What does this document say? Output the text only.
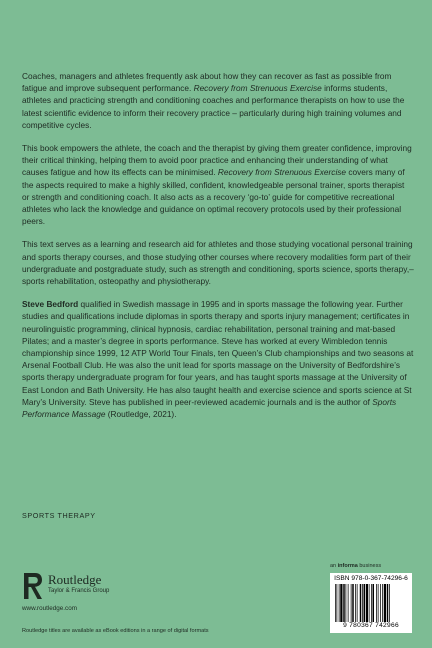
Coaches, managers and athletes frequently ask about how they can recover as fast as possible from fatigue and improve subsequent performance. Recovery from Strenuous Exercise informs students, athletes and practicing strength and conditioning coaches and performance therapists on how to use the latest scientific evidence to inform their recovery practice – particularly during high training volumes and competitive cycles.

This book empowers the athlete, the coach and the therapist by giving them greater confidence, improving their critical thinking, helping them to avoid poor practice and enhancing their understanding of what causes fatigue and how its effects can be minimised. Recovery from Strenuous Exercise covers many of the aspects required to make a highly skilled, confident, knowledgeable personal trainer, sports therapist or strength and conditioning coach. It also acts as a recovery ‘go-to’ guide for competitive recreational athletes who lack the knowledge and guidance on optimal recovery protocols used by their professional peers.

This text serves as a learning and research aid for athletes and those studying vocational personal training and sports therapy courses, and those studying other courses where recovery modalities form part of their undergraduate and postgraduate study, such as strength and conditioning, sports science, sports therapy,– sports rehabilitation, osteopathy and physiotherapy.

Steve Bedford qualified in Swedish massage in 1995 and in sports massage the following year. Further studies and qualifications include diplomas in sports therapy and sports injury management; certificates in neurolinguistic programming, clinical hypnosis, cardiac rehabilitation, personal training and mat-based Pilates; and a master’s degree in sports performance. Steve has worked at every Wimbledon tennis championship since 1999, 12 ATP World Tour Finals, ten Queen’s Club championships and two seasons at Arsenal Football Club. He was also the unit lead for sports massage on the University of Bedfordshire’s sports therapy undergraduate program for four years, and has taught sports massage at the University of East London and Bath University. He has also taught health and exercise science and sports science at St Mary’s University. Steve has published in peer-reviewed academic journals and is the author of Sports Performance Massage (Routledge, 2021).

SPORTS THERAPY
an informa business
Routledge
Taylor & Francis Group
www.routledge.com
Routledge titles are available as eBook editions in a range of digital formats
ISBN 978-0-367-74296-6
9 780367 742966
